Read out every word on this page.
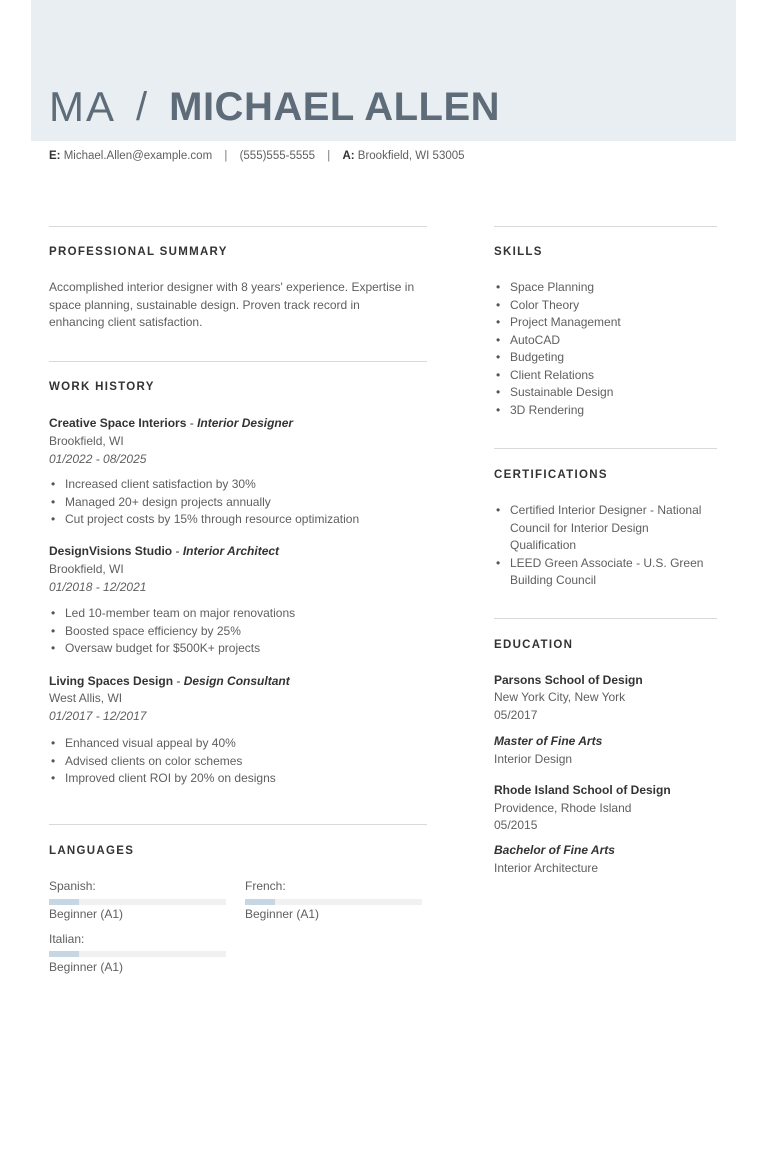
MA / MICHAEL ALLEN
E: Michael.Allen@example.com | (555)555-5555 | A: Brookfield, WI 53005
PROFESSIONAL SUMMARY
Accomplished interior designer with 8 years' experience. Expertise in
space planning, sustainable design. Proven track record in
enhancing client satisfaction.
WORK HISTORY
Creative Space Interiors - Interior Designer
Brookfield, WI
01/2022 - 08/2025
• Increased client satisfaction by 30%
• Managed 20+ design projects annually
• Cut project costs by 15% through resource optimization
DesignVisions Studio - Interior Architect
Brookfield, WI
01/2018 - 12/2021
• Led 10-member team on major renovations
• Boosted space efficiency by 25%
• Oversaw budget for $500K+ projects
Living Spaces Design - Design Consultant
West Allis, WI
01/2017 - 12/2017
• Enhanced visual appeal by 40%
• Advised clients on color schemes
• Improved client ROI by 20% on designs
LANGUAGES
Spanish:
Beginner (A1)
French:
Beginner (A1)
Italian:
Beginner (A1)
SKILLS
• Space Planning
• Color Theory
• Project Management
• AutoCAD
• Budgeting
• Client Relations
• Sustainable Design
• 3D Rendering
CERTIFICATIONS
• Certified Interior Designer - National
Council for Interior Design
Qualification
• LEED Green Associate - U.S. Green
Building Council
EDUCATION
Parsons School of Design
New York City, New York
05/2017
Master of Fine Arts
Interior Design
Rhode Island School of Design
Providence, Rhode Island
05/2015
Bachelor of Fine Arts
Interior Architecture
